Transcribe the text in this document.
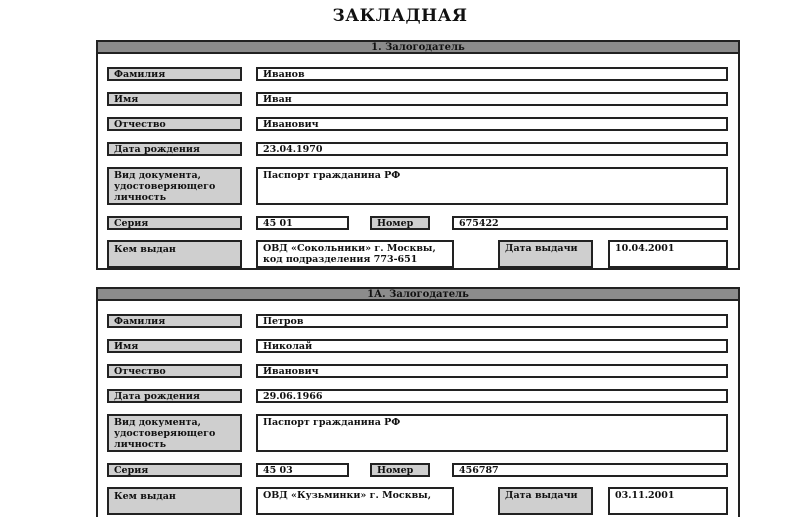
ЗАКЛАДНАЯ
1. Залогодатель
Фамилия	Иванов
Имя	Иван
Отчество	Иванович
Дата рождения	23.04.1970
Вид документа, удостоверяющего личность
Паспорт гражданина РФ
Серия	45 01	Номер	675422
Кем выдан	ОВД «Сокольники» г. Москвы, код подразделения 773-651
Дата выдачи	10.04.2001
1А. Залогодатель
Фамилия	Петров
Имя	Николай
Отчество	Иванович
Дата рождения	29.06.1966
Вид документа, удостоверяющего личность
Паспорт гражданина РФ
Серия	45 03	Номер	456787
Кем выдан	ОВД «Кузьминки» г. Москвы,	Дата выдачи	03.11.2001
